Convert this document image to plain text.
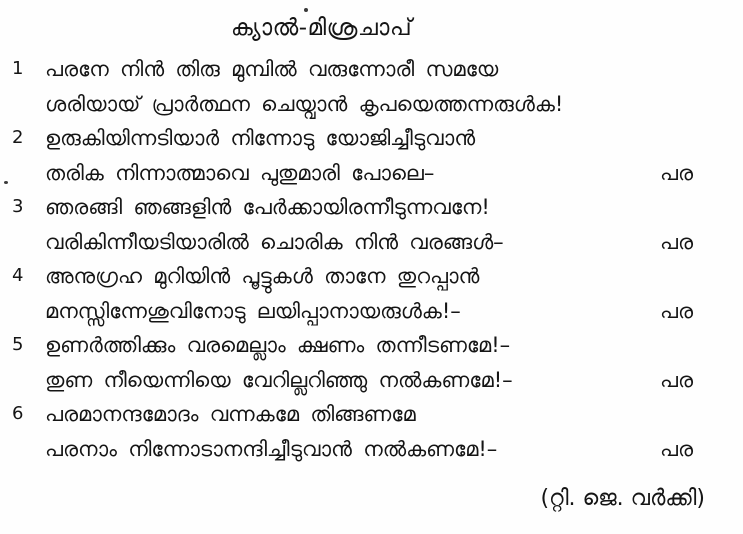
ക്യാൽ-മിശ്രചാപ്
1	പരനേ നിൻ തിരു മുമ്പിൽ വരുന്നോരീ സമയേ
ശരിയായ് പ്രാർത്ഥന ചെയ്വാൻ കൃപയെത്തന്നരുൾക!
2	ഉരുകിയിന്നടിയാർ നിന്നോടു യോജിച്ചീടുവാൻ
തരിക നിന്നാത്മാവെ പുതുമാരി പോലെ–	പര
3	ഞരങ്ങി ഞങ്ങളിൻ പേർക്കായിരന്നീടുന്നവനേ!
വരികിന്നീയടിയാരിൽ ചൊരിക നിൻ വരങ്ങൾ–	പര
4	അനുഗ്രഹ മുറിയിൻ പൂട്ടുകൾ താനേ തുറപ്പാൻ
മനസ്സിന്നേശുവിനോടു ലയിപ്പാനായരുൾക!–	പര
5	ഉണർത്തിക്കും വരമെല്ലാം ക്ഷണം തന്നീടണമേ!–
തുണ നീയെന്നിയെ വേറില്ലറിഞ്ഞു നൽകണമേ!–	പര
6	പരമാനന്ദമോദം വന്നകമേ തിങ്ങണമേ
പരനാം നിന്നോടാനന്ദിച്ചീടുവാൻ നൽകണമേ!–	പര
(റ്റി. ജെ. വർക്കി)
